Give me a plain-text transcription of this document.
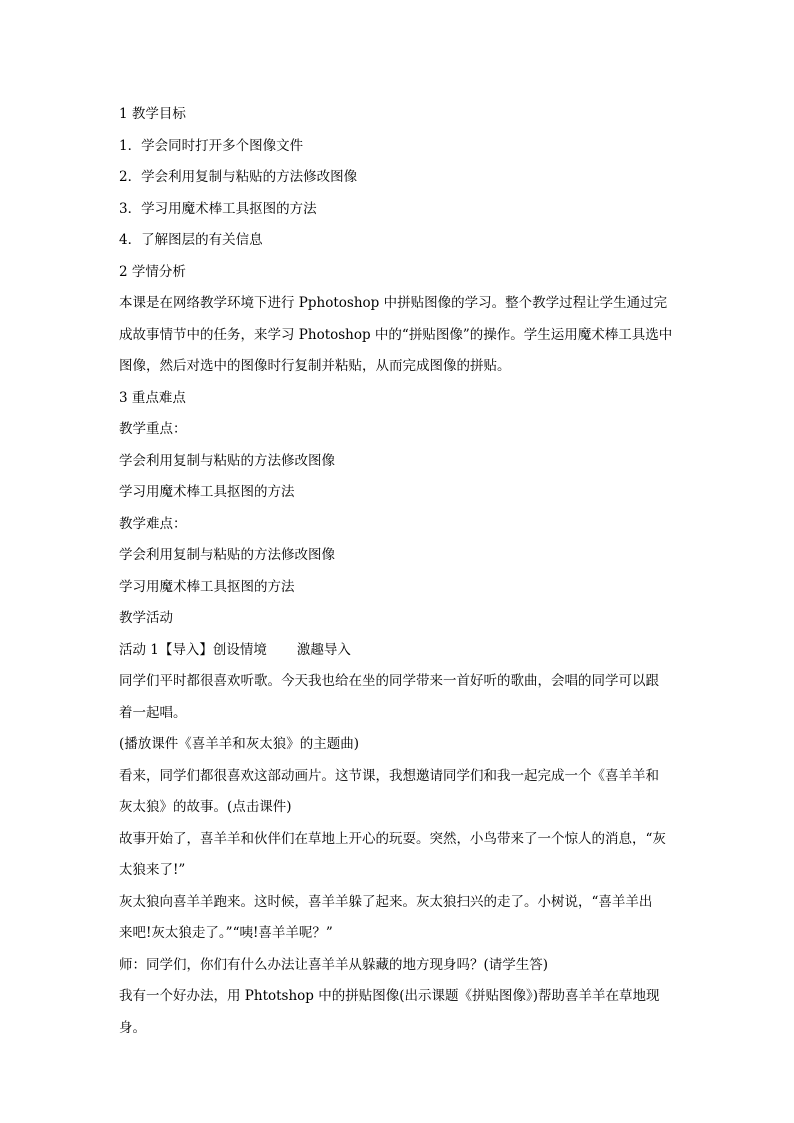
1 教学目标
1．学会同时打开多个图像文件
2．学会利用复制与粘贴的方法修改图像
3．学习用魔术棒工具抠图的方法
4．了解图层的有关信息
2 学情分析
本课是在网络教学环境下进行 Pphotoshop 中拼贴图像的学习。整个教学过程让学生通过完
成故事情节中的任务，来学习 Photoshop 中的“拼贴图像”的操作。学生运用魔术棒工具选中
图像，然后对选中的图像时行复制并粘贴，从而完成图像的拼贴。
3 重点难点
教学重点：
学会利用复制与粘贴的方法修改图像
学习用魔术棒工具抠图的方法
教学难点：
学会利用复制与粘贴的方法修改图像
学习用魔术棒工具抠图的方法
教学活动
活动 1【导入】创设情境 激趣导入
同学们平时都很喜欢听歌。今天我也给在坐的同学带来一首好听的歌曲，会唱的同学可以跟
着一起唱。
(播放课件《喜羊羊和灰太狼》的主题曲)
看来，同学们都很喜欢这部动画片。这节课，我想邀请同学们和我一起完成一个《喜羊羊和
灰太狼》的故事。(点击课件)
故事开始了，喜羊羊和伙伴们在草地上开心的玩耍。突然，小鸟带来了一个惊人的消息，“灰
太狼来了!”
灰太狼向喜羊羊跑来。这时候，喜羊羊躲了起来。灰太狼扫兴的走了。小树说，“喜羊羊出
来吧!灰太狼走了。”“咦!喜羊羊呢？”
师：同学们，你们有什么办法让喜羊羊从躲藏的地方现身吗？(请学生答)
我有一个好办法，用 Phtotshop 中的拼贴图像(出示课题《拼贴图像》)帮助喜羊羊在草地现
身。
